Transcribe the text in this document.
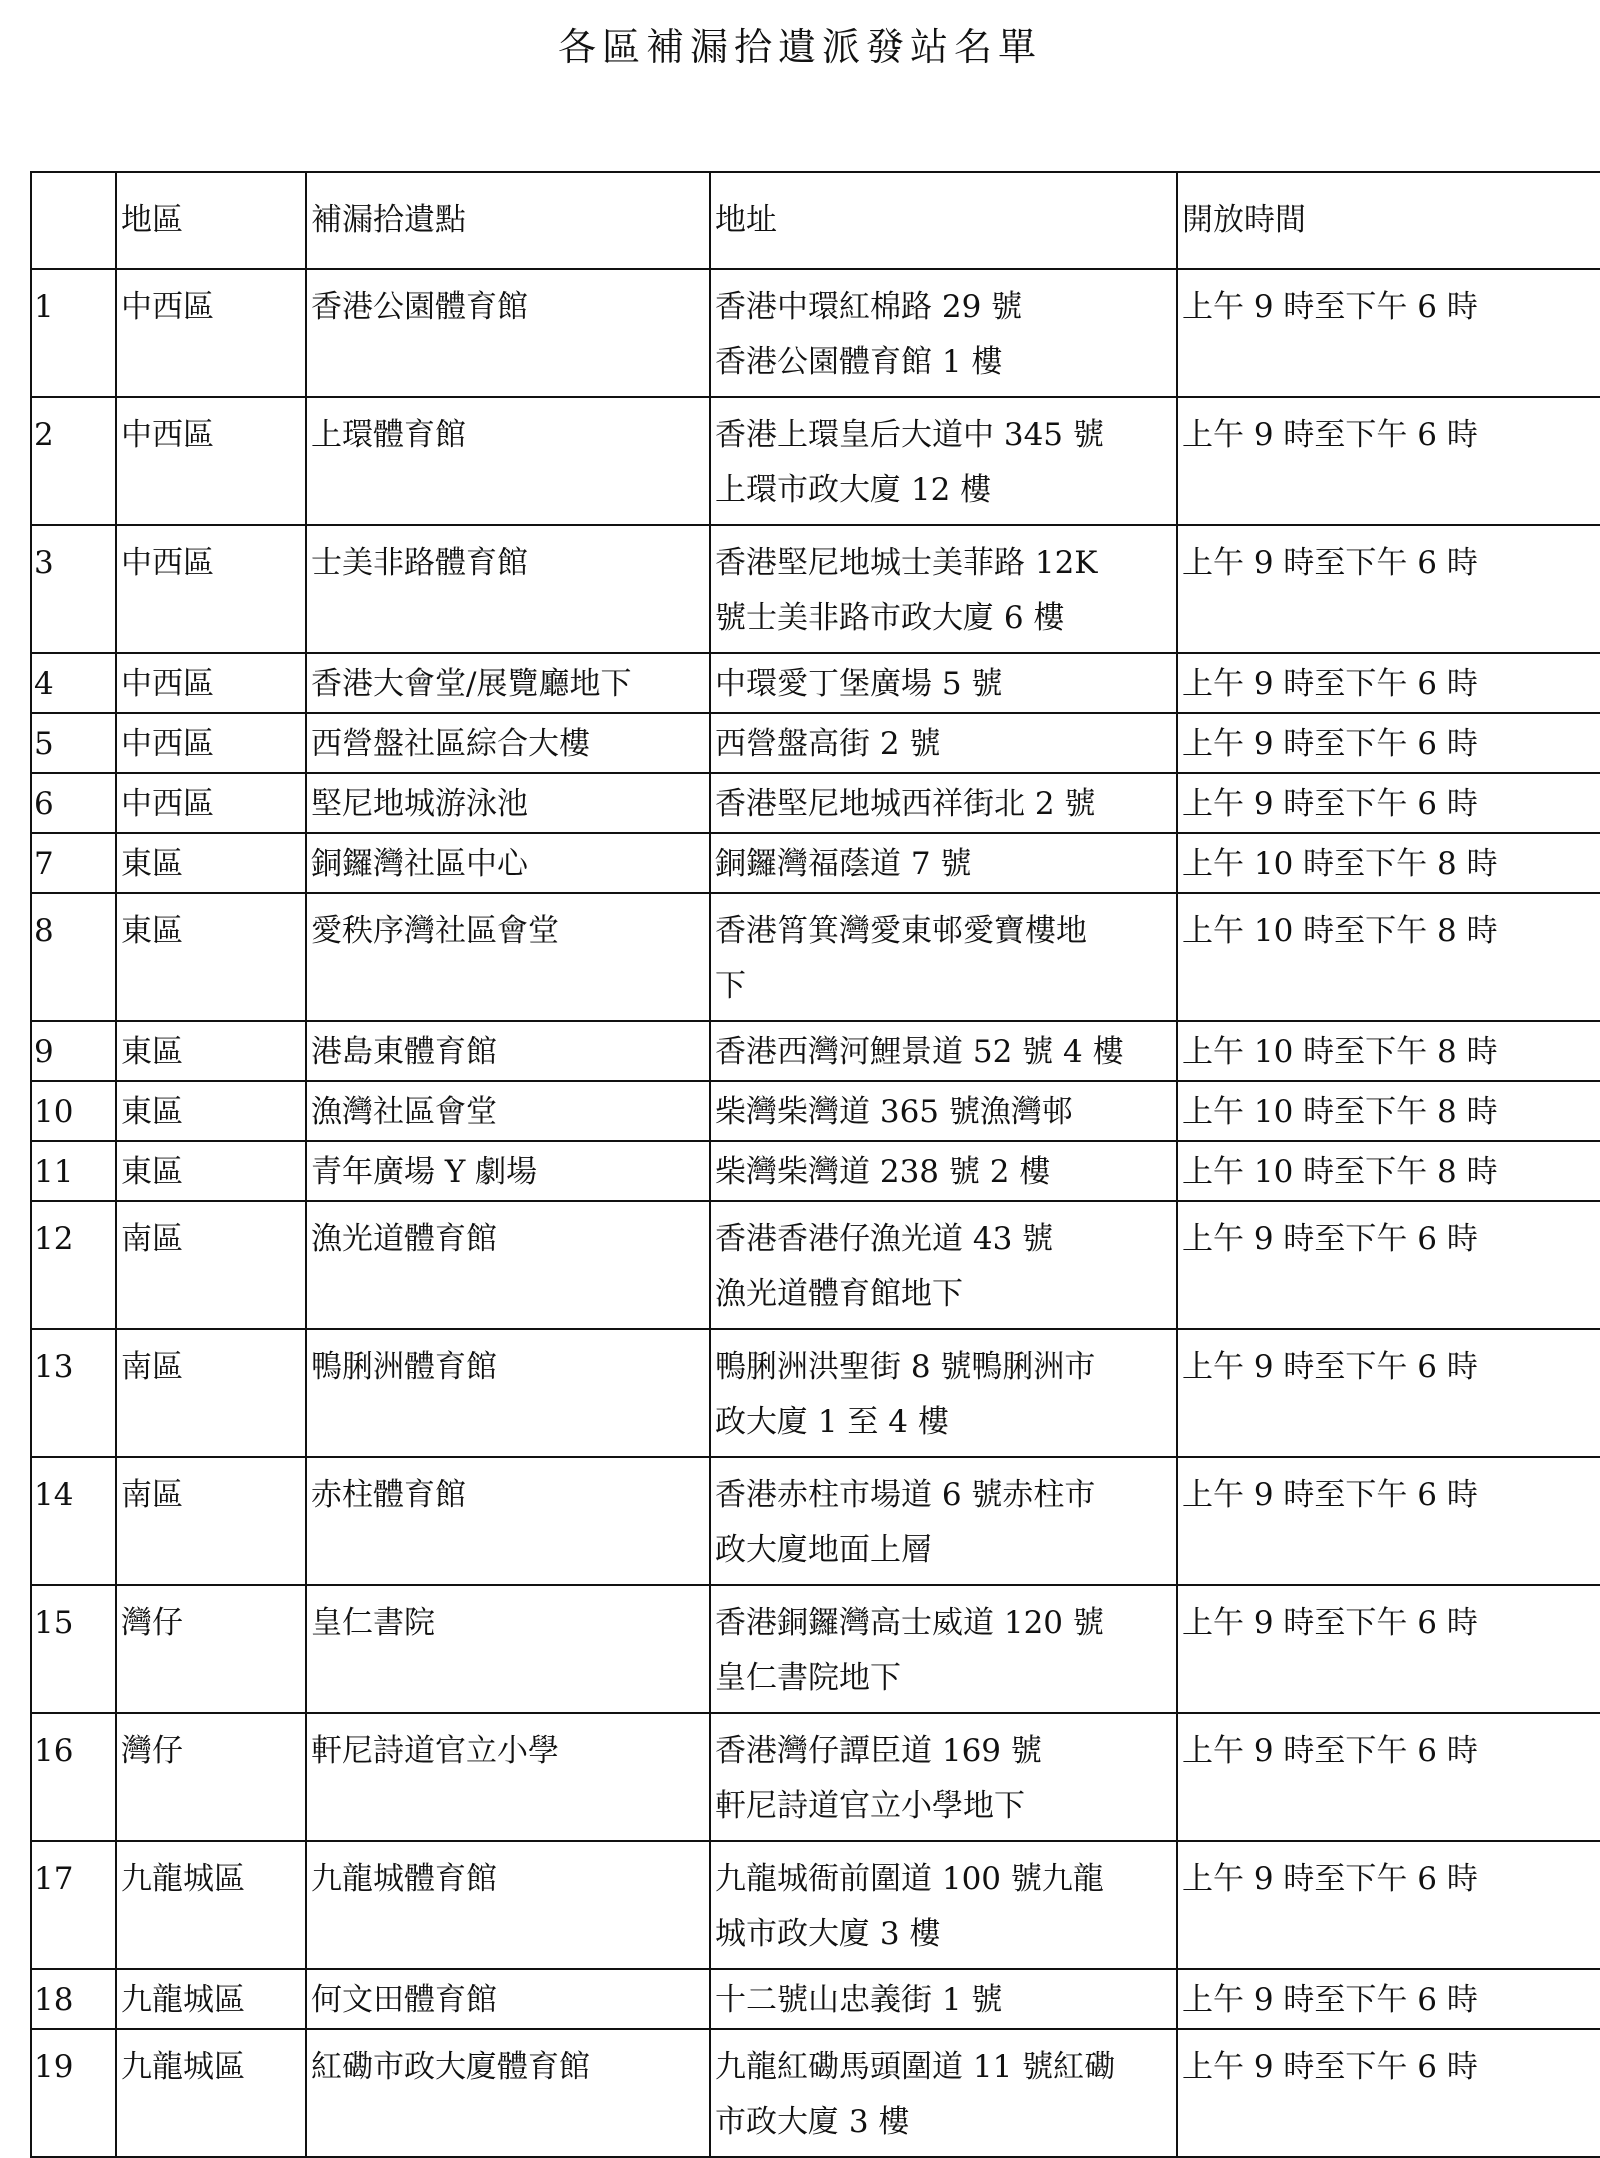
各區補漏拾遺派發站名單
	地區	補漏拾遺點	地址	開放時間
1	中西區	香港公園體育館	香港中環紅棉路 29 號
香港公園體育館 1 樓	上午 9 時至下午 6 時
2	中西區	上環體育館	香港上環皇后大道中 345 號
上環市政大廈 12 樓	上午 9 時至下午 6 時
3	中西區	士美非路體育館	香港堅尼地城士美菲路 12K
號士美非路市政大廈 6 樓	上午 9 時至下午 6 時
4	中西區	香港大會堂/展覽廳地下	中環愛丁堡廣場 5 號	上午 9 時至下午 6 時
5	中西區	西營盤社區綜合大樓	西營盤高街 2 號	上午 9 時至下午 6 時
6	中西區	堅尼地城游泳池	香港堅尼地城西祥街北 2 號	上午 9 時至下午 6 時
7	東區	銅鑼灣社區中心	銅鑼灣福蔭道 7 號	上午 10 時至下午 8 時
8	東區	愛秩序灣社區會堂	香港筲箕灣愛東邨愛寶樓地
下	上午 10 時至下午 8 時
9	東區	港島東體育館	香港西灣河鯉景道 52 號 4 樓	上午 10 時至下午 8 時
10	東區	漁灣社區會堂	柴灣柴灣道 365 號漁灣邨	上午 10 時至下午 8 時
11	東區	青年廣場 Y 劇場	柴灣柴灣道 238 號 2 樓	上午 10 時至下午 8 時
12	南區	漁光道體育館	香港香港仔漁光道 43 號
漁光道體育館地下	上午 9 時至下午 6 時
13	南區	鴨脷洲體育館	鴨脷洲洪聖街 8 號鴨脷洲市
政大廈 1 至 4 樓	上午 9 時至下午 6 時
14	南區	赤柱體育館	香港赤柱市場道 6 號赤柱市
政大廈地面上層	上午 9 時至下午 6 時
15	灣仔	皇仁書院	香港銅鑼灣高士威道 120 號
皇仁書院地下	上午 9 時至下午 6 時
16	灣仔	軒尼詩道官立小學	香港灣仔譚臣道 169 號
軒尼詩道官立小學地下	上午 9 時至下午 6 時
17	九龍城區	九龍城體育館	九龍城衙前圍道 100 號九龍
城市政大廈 3 樓	上午 9 時至下午 6 時
18	九龍城區	何文田體育館	十二號山忠義街 1 號	上午 9 時至下午 6 時
19	九龍城區	紅磡市政大廈體育館	九龍紅磡馬頭圍道 11 號紅磡
市政大廈 3 樓	上午 9 時至下午 6 時
